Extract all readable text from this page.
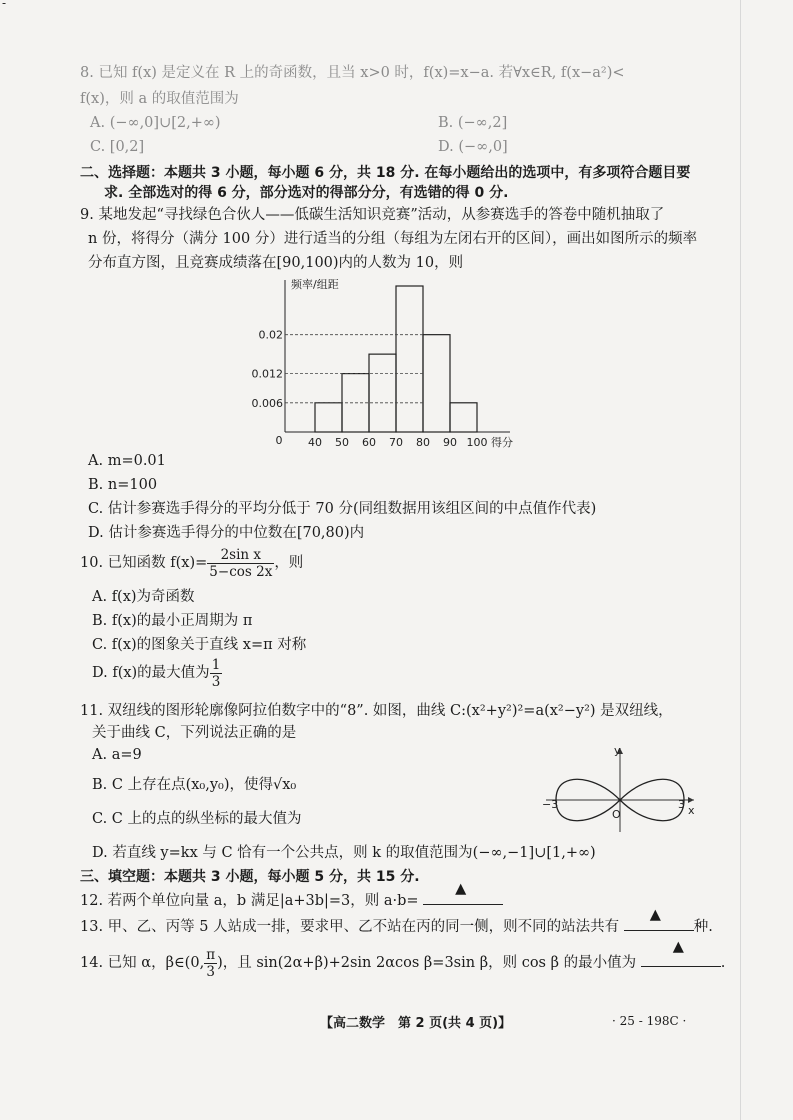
-
8. 已知 f(x) 是定义在 R 上的奇函数，且当 x>0 时，f(x)=x−a. 若∀x∈R, f(x−a²)<
f(x)，则 a 的取值范围为
A. (−∞,0]∪[2,+∞)	B. (−∞,2]
C. [0,2]	D. (−∞,0]
二、选择题：本题共 3 小题，每小题 6 分，共 18 分. 在每小题给出的选项中，有多项符合题目要
求. 全部选对的得 6 分，部分选对的得部分分，有选错的得 0 分.
9. 某地发起“寻找绿色合伙人——低碳生活知识竞赛”活动，从参赛选手的答卷中随机抽取了
n 份，将得分（满分 100 分）进行适当的分组（每组为左闭右开的区间），画出如图所示的频率
分布直方图，且竞赛成绩落在[90,100)内的人数为 10，则
0.006
0.012
0.02
40 50 60 70 80 90 100
0	得分
频率/组距
A. m=0.01
B. n=100
C. 估计参赛选手得分的平均分低于 70 分(同组数据用该组区间的中点值作代表)
D. 估计参赛选手得分的中位数在[70,80)内
10. 已知函数 $f(x)= \frac{\text{2sin x}}{5-\cos 2x}$ ，则
A. f(x)为奇函数
B. f(x)的最小正周期为 π
C. f(x)的图象关于直线 x=π 对称
D. f(x)的最大值为 $\frac{1}{3}$
11. 双纽线的图形轮廓像阿拉伯数字中的“8”. 如图，曲线 C:(x²+y²)²=a(x²−y²) 是双纽线，
关于曲线 C，下列说法正确的是
A. a=9
B. C 上存在点(x₀,y₀)，使得√x₀
C. C 上的点的纵坐标的最大值为
D. 若直线 y=kx 与 C 恰有一个公共点，则 k 的取值范围为(−∞,−1]∪[1,+∞)
y
x
O
−3	3
三、填空题：本题共 3 小题，每小题 5 分，共 15 分.
12. 若两个单位向量 a，b 满足|a+3b|=3，则 a·b=
▲
13. 甲、乙、丙等 5 人站成一排，要求甲、乙不站在丙的同一侧，则不同的站法共有
▲
种.
14. 已知 α，β∈(0, $\frac{\pi}{3}$ )，且 sin(2α+β)+2sin 2αcos β=3sin β，则 cos β 的最小值为
▲
.
【高二数学　第 2 页(共 4 页)】	· 25 - 198C ·
